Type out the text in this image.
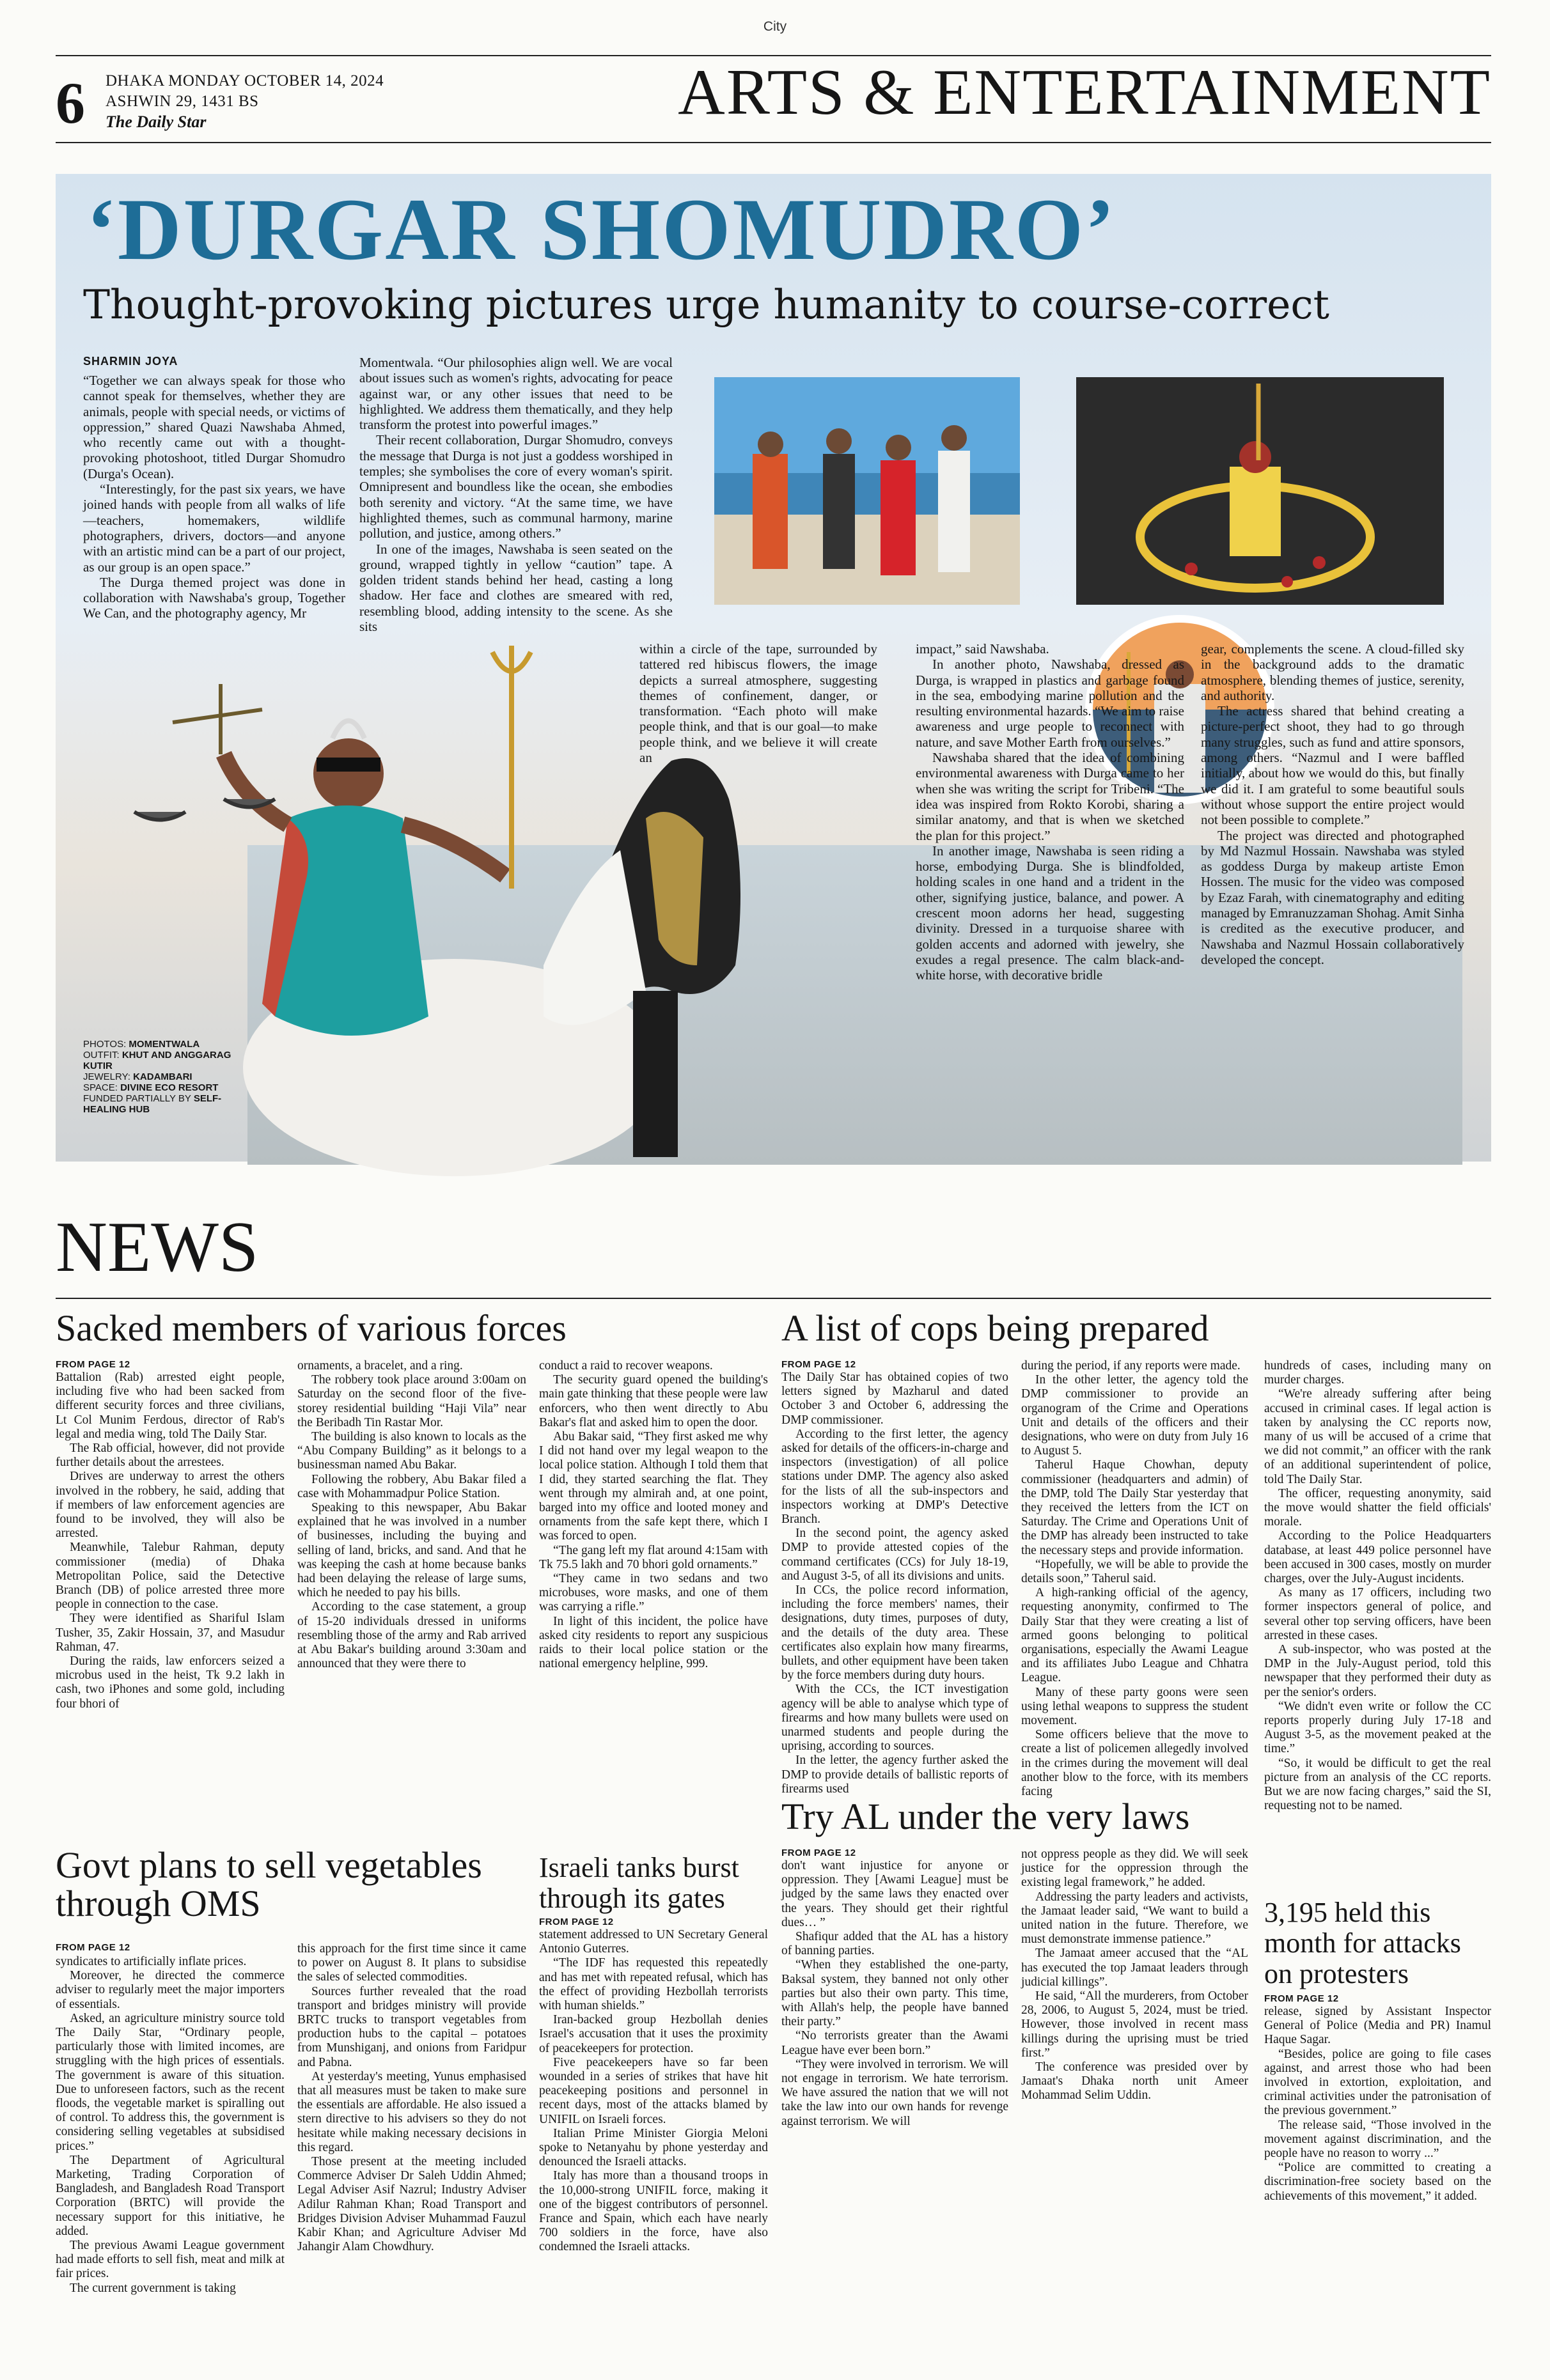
City
6 DHAKA MONDAY OCTOBER 14, 2024
ASHWIN 29, 1431 BS
The Daily Star	ARTS & ENTERTAINMENT
‘DURGAR SHOMUDRO’
Thought-provoking pictures urge humanity to course-correct
SHARMIN JOYA

“Together we can always speak for those who cannot speak for themselves, whether they are animals, people with special needs, or victims of oppression,” shared Quazi Nawshaba Ahmed, who recently came out with a thought-provoking photoshoot, titled Durgar Shomudro (Durga's Ocean).

“Interestingly, for the past six years, we have joined hands with people from all walks of life—teachers, homemakers, wildlife photographers, drivers, doctors—and anyone with an artistic mind can be a part of our project, as our group is an open space.”

The Durga themed project was done in collaboration with Nawshaba's group, Together We Can, and the photography agency, Mr

Momentwala. “Our philosophies align well. We are vocal about issues such as women's rights, advocating for peace against war, or any other issues that need to be highlighted. We address them thematically, and they help transform the protest into powerful images.”

Their recent collaboration, Durgar Shomudro, conveys the message that Durga is not just a goddess worshiped in temples; she symbolises the core of every woman's spirit. Omnipresent and boundless like the ocean, she embodies both serenity and victory. “At the same time, we have highlighted themes, such as communal harmony, marine pollution, and justice, among others.”

In one of the images, Nawshaba is seen seated on the ground, wrapped tightly in yellow “caution” tape. A golden trident stands behind her head, casting a long shadow. Her face and clothes are smeared with red, resembling blood, adding intensity to the scene. As she sits

within a circle of the tape, surrounded by tattered red hibiscus flowers, the image depicts a surreal atmosphere, suggesting themes of confinement, danger, or transformation. “Each photo will make people think, and that is our goal—to make people think, and we believe it will create an

impact,” said Nawshaba.

In another photo, Nawshaba, dressed as Durga, is wrapped in plastics and garbage found in the sea, embodying marine pollution and the resulting environmental hazards. “We aim to raise awareness and urge people to reconnect with nature, and save Mother Earth from ourselves.”

Nawshaba shared that the idea of combining environmental awareness with Durga came to her when she was writing the script for Tribeni. “The idea was inspired from Rokto Korobi, sharing a similar anatomy, and that is when we sketched the plan for this project.”

In another image, Nawshaba is seen riding a horse, embodying Durga. She is blindfolded, holding scales in one hand and a trident in the other, signifying justice, balance, and power. A crescent moon adorns her head, suggesting divinity. Dressed in a turquoise sharee with golden accents and adorned with jewelry, she exudes a regal presence. The calm black-and-white horse, with decorative bridle

gear, complements the scene. A cloud-filled sky in the background adds to the dramatic atmosphere, blending themes of justice, serenity, and authority.

The actress shared that behind creating a picture-perfect shoot, they had to go through many struggles, such as fund and attire sponsors, among others. “Nazmul and I were baffled initially, about how we would do this, but finally we did it. I am grateful to some beautiful souls without whose support the entire project would not been possible to complete.”

The project was directed and photographed by Md Nazmul Hossain. Nawshaba was styled as goddess Durga by makeup artiste Emon Hossen. The music for the video was composed by Ezaz Farah, with cinematography and editing managed by Emranuzzaman Shohag. Amit Sinha is credited as the executive producer, and Nawshaba and Nazmul Hossain collaboratively developed the concept.

PHOTOS: MOMENTWALA
OUTFIT: KHUT AND ANGGARAG KUTIR
JEWELRY: KADAMBARI
SPACE: DIVINE ECO RESORT
FUNDED PARTIALLY BY SELF-HEALING HUB
NEWS
Sacked members of various forces
FROM PAGE 12

Battalion (Rab) arrested eight people, including five who had been sacked from different security forces and three civilians, Lt Col Munim Ferdous, director of Rab's legal and media wing, told The Daily Star.

The Rab official, however, did not provide further details about the arrestees.

Drives are underway to arrest the others involved in the robbery, he said, adding that if members of law enforcement agencies are found to be involved, they will also be arrested.

Meanwhile, Talebur Rahman, deputy commissioner (media) of Dhaka Metropolitan Police, said the Detective Branch (DB) of police arrested three more people in connection to the case.

They were identified as Shariful Islam Tusher, 35, Zakir Hossain, 37, and Masudur Rahman, 47.

During the raids, law enforcers seized a microbus used in the heist, Tk 9.2 lakh in cash, two iPhones and some gold, including four bhori of

ornaments, a bracelet, and a ring.

The robbery took place around 3:00am on Saturday on the second floor of the five-storey residential building “Haji Vila” near the Beribadh Tin Rastar Mor.

The building is also known to locals as the “Abu Company Building” as it belongs to a businessman named Abu Bakar.

Following the robbery, Abu Bakar filed a case with Mohammadpur Police Station.

Speaking to this newspaper, Abu Bakar explained that he was involved in a number of businesses, including the buying and selling of land, bricks, and sand. And that he was keeping the cash at home because banks had been delaying the release of large sums, which he needed to pay his bills.

According to the case statement, a group of 15-20 individuals dressed in uniforms resembling those of the army and Rab arrived at Abu Bakar's building around 3:30am and announced that they were there to

conduct a raid to recover weapons.

The security guard opened the building's main gate thinking that these people were law enforcers, who then went directly to Abu Bakar's flat and asked him to open the door.

Abu Bakar said, “They first asked me why I did not hand over my legal weapon to the local police station. Although I told them that I did, they started searching the flat. They went through my almirah and, at one point, barged into my office and looted money and ornaments from the safe kept there, which I was forced to open.

“The gang left my flat around 4:15am with Tk 75.5 lakh and 70 bhori gold ornaments.”

“They came in two sedans and two microbuses, wore masks, and one of them was carrying a rifle.”

In light of this incident, the police have asked city residents to report any suspicious raids to their local police station or the national emergency helpline, 999.

Govt plans to sell vegetables through OMS
FROM PAGE 12

syndicates to artificially inflate prices.

Moreover, he directed the commerce adviser to regularly meet the major importers of essentials.

Asked, an agriculture ministry source told The Daily Star, “Ordinary people, particularly those with limited incomes, are struggling with the high prices of essentials. The government is aware of this situation. Due to unforeseen factors, such as the recent floods, the vegetable market is spiralling out of control. To address this, the government is considering selling vegetables at subsidised prices.”

The Department of Agricultural Marketing, Trading Corporation of Bangladesh, and Bangladesh Road Transport Corporation (BRTC) will provide the necessary support for this initiative, he added.

The previous Awami League government had made efforts to sell fish, meat and milk at fair prices.

The current government is taking

this approach for the first time since it came to power on August 8. It plans to subsidise the sales of selected commodities.

Sources further revealed that the road transport and bridges ministry will provide BRTC trucks to transport vegetables from production hubs to the capital – potatoes from Munshiganj, and onions from Faridpur and Pabna.

At yesterday's meeting, Yunus emphasised that all measures must be taken to make sure the essentials are affordable. He also issued a stern directive to his advisers so they do not hesitate while making necessary decisions in this regard.

Those present at the meeting included Commerce Adviser Dr Saleh Uddin Ahmed; Legal Adviser Asif Nazrul; Industry Adviser Adilur Rahman Khan; Road Transport and Bridges Division Adviser Muhammad Fauzul Kabir Khan; and Agriculture Adviser Md Jahangir Alam Chowdhury.

Israeli tanks burst through its gates
FROM PAGE 12

statement addressed to UN Secretary General Antonio Guterres.

“The IDF has requested this repeatedly and has met with repeated refusal, which has the effect of providing Hezbollah terrorists with human shields.”

Iran-backed group Hezbollah denies Israel's accusation that it uses the proximity of peacekeepers for protection.

Five peacekeepers have so far been wounded in a series of strikes that have hit peacekeeping positions and personnel in recent days, most of the attacks blamed by UNIFIL on Israeli forces.

Italian Prime Minister Giorgia Meloni spoke to Netanyahu by phone yesterday and denounced the Israeli attacks.

Italy has more than a thousand troops in the 10,000-strong UNIFIL force, making it one of the biggest contributors of personnel. France and Spain, which each have nearly 700 soldiers in the force, have also condemned the Israeli attacks.

A list of cops being prepared
FROM PAGE 12

The Daily Star has obtained copies of two letters signed by Mazharul and dated October 3 and October 6, addressing the DMP commissioner.

According to the first letter, the agency asked for details of the officers-in-charge and inspectors (investigation) of all police stations under DMP. The agency also asked for the lists of all the sub-inspectors and inspectors working at DMP's Detective Branch.

In the second point, the agency asked DMP to provide attested copies of the command certificates (CCs) for July 18-19, and August 3-5, of all its divisions and units.

In CCs, the police record information, including the force members' names, their designations, duty times, purposes of duty, and the details of the duty area. These certificates also explain how many firearms, bullets, and other equipment have been taken by the force members during duty hours.

With the CCs, the ICT investigation agency will be able to analyse which type of firearms and how many bullets were used on unarmed students and people during the uprising, according to sources.

In the letter, the agency further asked the DMP to provide details of ballistic reports of firearms used

during the period, if any reports were made.

In the other letter, the agency told the DMP commissioner to provide an organogram of the Crime and Operations Unit and details of the officers and their designations, who were on duty from July 16 to August 5.

Taherul Haque Chowhan, deputy commissioner (headquarters and admin) of the DMP, told The Daily Star yesterday that they received the letters from the ICT on Saturday. The Crime and Operations Unit of the DMP has already been instructed to take the necessary steps and provide information.

“Hopefully, we will be able to provide the details soon,” Taherul said.

A high-ranking official of the agency, requesting anonymity, confirmed to The Daily Star that they were creating a list of armed goons belonging to political organisations, especially the Awami League and its affiliates Jubo League and Chhatra League.

Many of these party goons were seen using lethal weapons to suppress the student movement.

Some officers believe that the move to create a list of policemen allegedly involved in the crimes during the movement will deal another blow to the force, with its members facing

hundreds of cases, including many on murder charges.

“We're already suffering after being accused in criminal cases. If legal action is taken by analysing the CC reports now, many of us will be accused of a crime that we did not commit,” an officer with the rank of an additional superintendent of police, told The Daily Star.

The officer, requesting anonymity, said the move would shatter the field officials' morale.

According to the Police Headquarters database, at least 449 police personnel have been accused in 300 cases, mostly on murder charges, over the July-August incidents.

As many as 17 officers, including two former inspectors general of police, and several other top serving officers, have been arrested in these cases.

A sub-inspector, who was posted at the DMP in the July-August period, told this newspaper that they performed their duty as per the senior's orders.

“We didn't even write or follow the CC reports properly during July 17-18 and August 3-5, as the movement peaked at the time.”

“So, it would be difficult to get the real picture from an analysis of the CC reports. But we are now facing charges,” said the SI, requesting not to be named.

Try AL under the very laws
FROM PAGE 12

don't want injustice for anyone or oppression. They [Awami League] must be judged by the same laws they enacted over the years. They should get their rightful dues… ”

Shafiqur added that the AL has a history of banning parties.

“When they established the one-party, Baksal system, they banned not only other parties but also their own party. This time, with Allah's help, the people have banned their party.”

“No terrorists greater than the Awami League have ever been born.”

“They were involved in terrorism. We will not engage in terrorism. We hate terrorism. We have assured the nation that we will not take the law into our own hands for revenge against terrorism. We will

not oppress people as they did. We will seek justice for the oppression through the existing legal framework,” he added.

Addressing the party leaders and activists, the Jamaat leader said, “We want to build a united nation in the future. Therefore, we must demonstrate immense patience.”

The Jamaat ameer accused that the “AL has executed the top Jamaat leaders through judicial killings”.

He said, “All the murderers, from October 28, 2006, to August 5, 2024, must be tried. However, those involved in recent mass killings during the uprising must be tried first.”

The conference was presided over by Jamaat's Dhaka north unit Ameer Mohammad Selim Uddin.

3,195 held this month for attacks on protesters
FROM PAGE 12

release, signed by Assistant Inspector General of Police (Media and PR) Inamul Haque Sagar.

“Besides, police are going to file cases against, and arrest those who had been involved in extortion, exploitation, and criminal activities under the patronisation of the previous government.”

The release said, “Those involved in the movement against discrimination, and the people have no reason to worry ...”

“Police are committed to creating a discrimination-free society based on the achievements of this movement,” it added.
